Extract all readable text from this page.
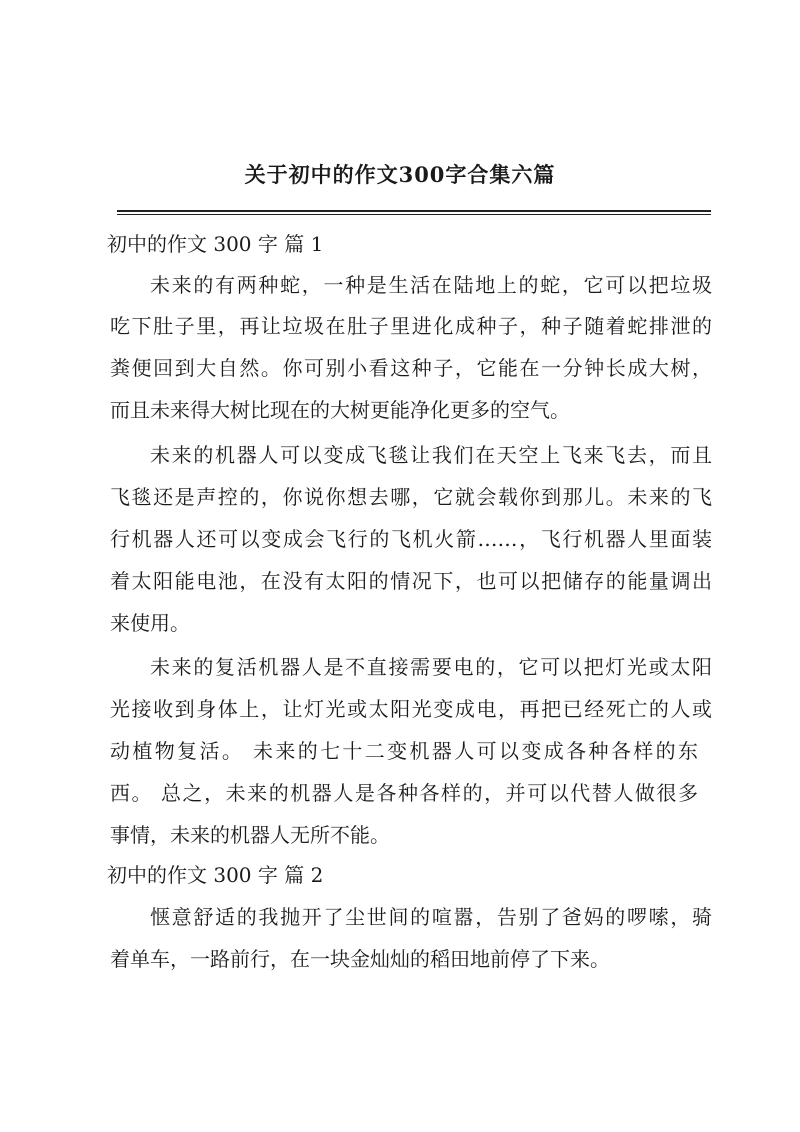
关于初中的作文300字合集六篇
初中的作文 300 字 篇 1
未来的有两种蛇，一种是生活在陆地上的蛇，它可以把垃圾
吃下肚子里，再让垃圾在肚子里进化成种子，种子随着蛇排泄的
粪便回到大自然。你可别小看这种子，它能在一分钟长成大树，
而且未来得大树比现在的大树更能净化更多的空气。
未来的机器人可以变成飞毯让我们在天空上飞来飞去，而且
飞毯还是声控的，你说你想去哪，它就会载你到那儿。未来的飞
行机器人还可以变成会飞行的飞机火箭……，飞行机器人里面装
着太阳能电池，在没有太阳的情况下，也可以把储存的能量调出
来使用。
未来的复活机器人是不直接需要电的，它可以把灯光或太阳
光接收到身体上，让灯光或太阳光变成电，再把已经死亡的人或
动植物复活。 未来的七十二变机器人可以变成各种各样的东
西。 总之，未来的机器人是各种各样的，并可以代替人做很多
事情，未来的机器人无所不能。
初中的作文 300 字 篇 2
惬意舒适的我抛开了尘世间的喧嚣，告别了爸妈的啰嗦，骑
着单车，一路前行，在一块金灿灿的稻田地前停了下来。
